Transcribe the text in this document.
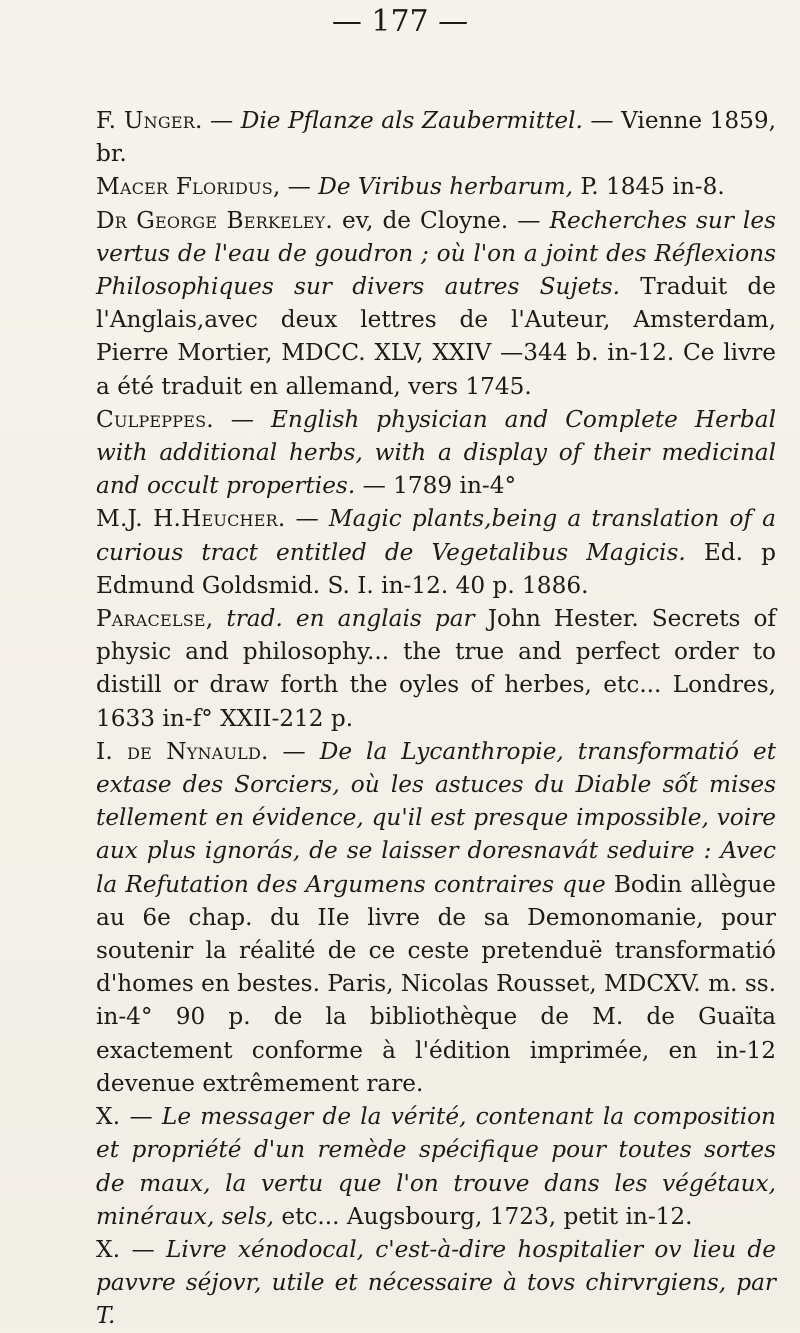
— 177 —

F. Unger. — Die Pflanze als Zaubermittel. — Vienne 1859, br.

Macer Floridus, — De Viribus herbarum, P. 1845 in-8.

Dr George Berkeley. ev, de Cloyne. — Recherches sur les vertus de l'eau de goudron ; où l'on a joint des Réflexions Philosophiques sur divers autres Sujets. Traduit de l'Anglais,avec deux lettres de l'Auteur, Amsterdam, Pierre Mortier, MDCC. XLV, XXIV —344 b. in-12. Ce livre a été traduit en allemand, vers 1745.

Culpeppes. — English physician and Complete Herbal with additional herbs, with a display of their medicinal and occult properties. — 1789 in-4°

M.J. H.Heucher. — Magic plants,being a translation of a curious tract entitled de Vegetalibus Magicis. Ed. p Edmund Goldsmid. S. I. in-12. 40 p. 1886.

Paracelse, trad. en anglais par John Hester. Secrets of physic and philosophy... the true and perfect order to distill or draw forth the oyles of herbes, etc... Londres, 1633 in-f° XXII-212 p.

I. de Nynauld. — De la Lycanthropie, transformatió et extase des Sorciers, où les astuces du Diable sốt mises tellement en évidence, qu'il est presque impossible, voire aux plus ignorás, de se laisser doresnavát seduire : Avec la Refutation des Argumens contraires que Bodin allègue au 6e chap. du IIe livre de sa Demonomanie, pour soutenir la réalité de ce ceste pretenduë transformatió d'homes en bestes. Paris, Nicolas Rousset, MDCXV. m. ss. in-4° 90 p. de la bibliothèque de M. de Guaïta exactement conforme à l'édition imprimée, en in-12 devenue extrêmement rare.

X. — Le messager de la vérité, contenant la composition et propriété d'un remède spécifique pour toutes sortes de maux, la vertu que l'on trouve dans les végétaux, minéraux, sels, etc... Augsbourg, 1723, petit in-12.

X. — Livre xénodocal, c'est-à-dire hospitalier ov lieu de pavvre séjovr, utile et nécessaire à tovs chirvrgiens, par T.
